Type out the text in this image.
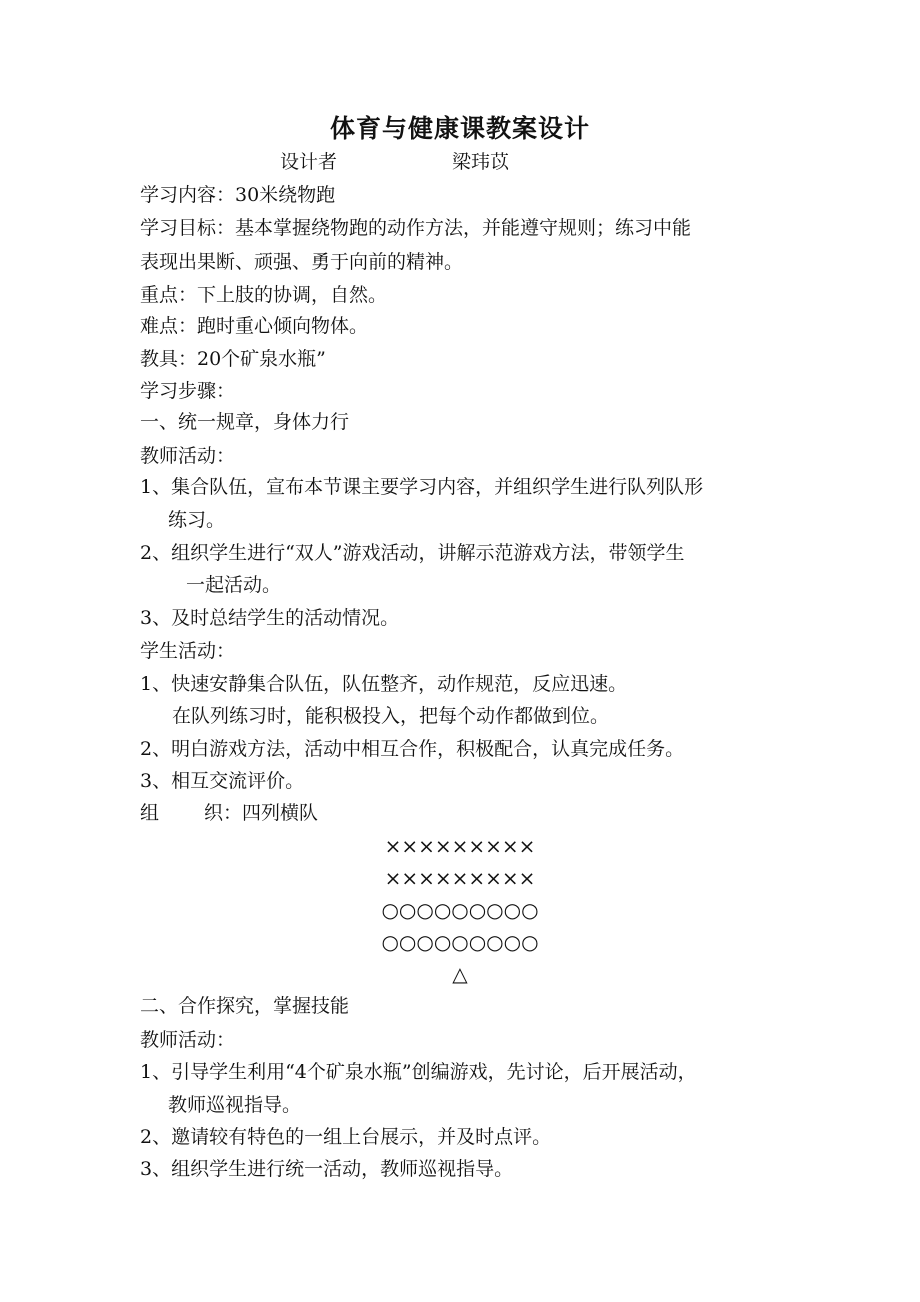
体育与健康课教案设计
设计者	梁玮苡
学习内容：30米绕物跑
学习目标：基本掌握绕物跑的动作方法，并能遵守规则；练习中能
表现出果断、顽强、勇于向前的精神。
重点：下上肢的协调，自然。
难点：跑时重心倾向物体。
教具：20个矿泉水瓶”
学习步骤：
一、统一规章，身体力行
教师活动：
1、集合队伍，宣布本节课主要学习内容，并组织学生进行队列队形
练习。
2、组织学生进行“双人”游戏活动，讲解示范游戏方法，带领学生
一起活动。
3、及时总结学生的活动情况。
学生活动：
1、快速安静集合队伍，队伍整齐，动作规范，反应迅速。
在队列练习时，能积极投入，把每个动作都做到位。
2、明白游戏方法，活动中相互合作，积极配合，认真完成任务。
3、相互交流评价。
组 织：四列横队
×××××××××
×××××××××
○○○○○○○○○
○○○○○○○○○
△
二、合作探究，掌握技能
教师活动：
1、引导学生利用“4个矿泉水瓶”创编游戏，先讨论，后开展活动，
教师巡视指导。
2、邀请较有特色的一组上台展示，并及时点评。
3、组织学生进行统一活动，教师巡视指导。
